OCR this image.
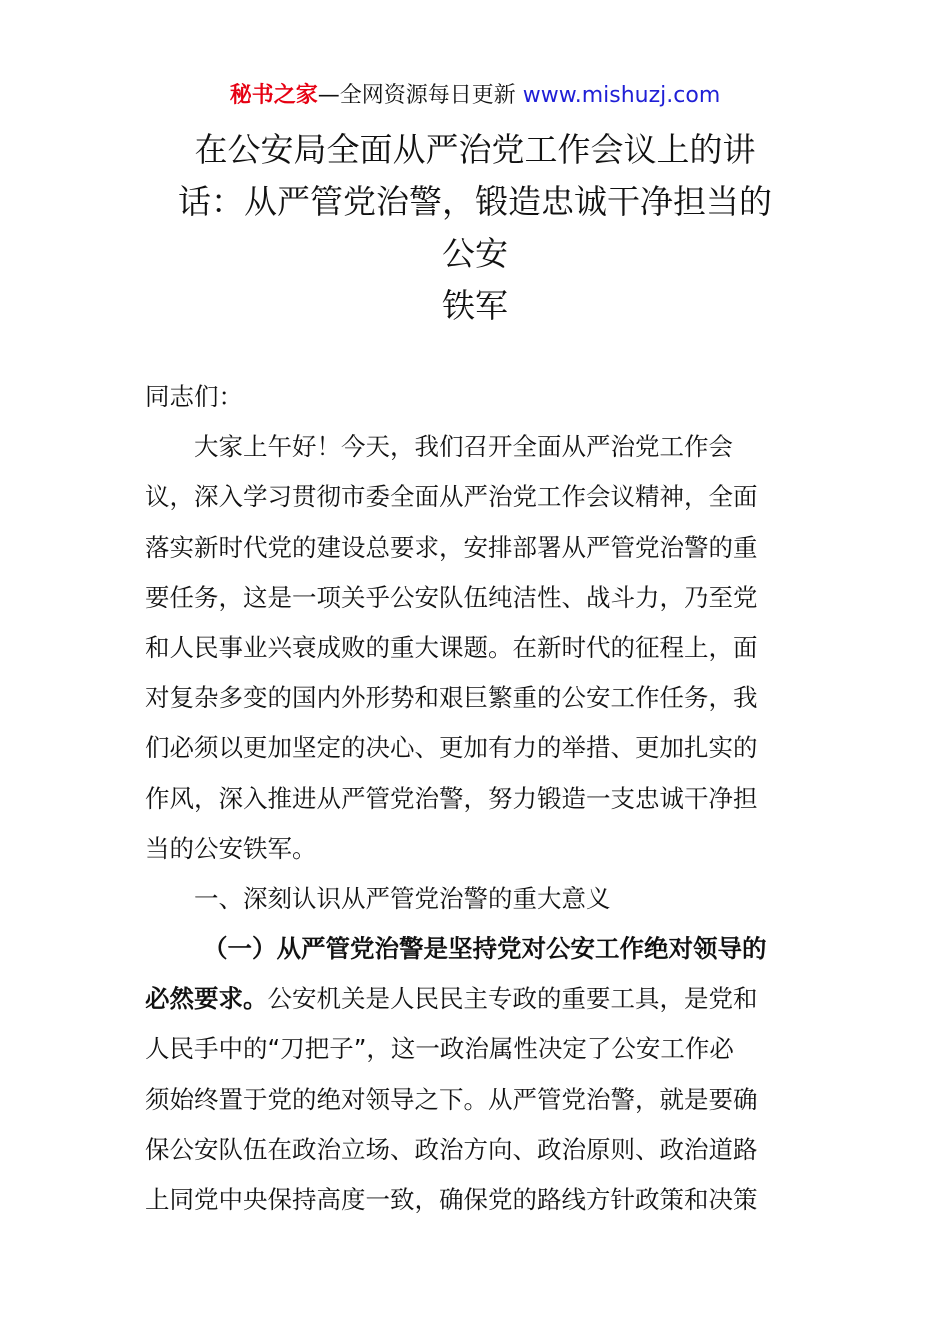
秘书之家—全网资源每日更新 www.mishuzj.com
在公安局全面从严治党工作会议上的讲
话：从严管党治警，锻造忠诚干净担当的
公安
铁军
同志们：
大家上午好！今天，我们召开全面从严治党工作会
议，深入学习贯彻市委全面从严治党工作会议精神，全面
落实新时代党的建设总要求，安排部署从严管党治警的重
要任务，这是一项关乎公安队伍纯洁性、战斗力，乃至党
和人民事业兴衰成败的重大课题。在新时代的征程上，面
对复杂多变的国内外形势和艰巨繁重的公安工作任务，我
们必须以更加坚定的决心、更加有力的举措、更加扎实的
作风，深入推进从严管党治警，努力锻造一支忠诚干净担
当的公安铁军。
一、深刻认识从严管党治警的重大意义
（一）从严管党治警是坚持党对公安工作绝对领导的
必然要求。公安机关是人民民主专政的重要工具，是党和
人民手中的“刀把子”，这一政治属性决定了公安工作必
须始终置于党的绝对领导之下。从严管党治警，就是要确
保公安队伍在政治立场、政治方向、政治原则、政治道路
上同党中央保持高度一致，确保党的路线方针政策和决策
